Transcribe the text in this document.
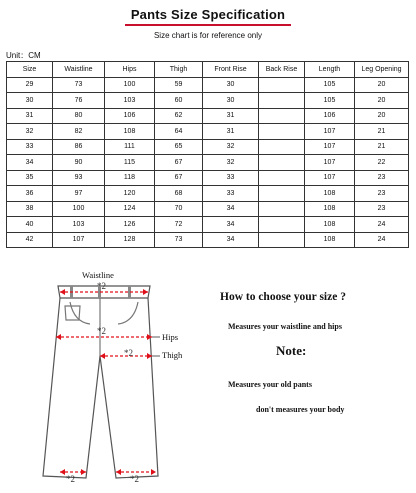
Pants Size Specification
Size chart is for reference only
Unit：CM
Size	Waistline	Hips	Thigh	Front Rise	Back Rise	Length	Leg Opening
29	73	100	59	30		105	20
30	76	103	60	30		105	20
31	80	106	62	31		106	20
32	82	108	64	31		107	21
33	86	111	65	32		107	21
34	90	115	67	32		107	22
35	93	118	67	33		107	23
36	97	120	68	33		108	23
38	100	124	70	34		108	23
40	103	126	72	34		108	24
42	107	128	73	34		108	24
Waistline
*2
*2
*2
Hips
Thigh
*2	*2
How to choose your size ?
Measures your waistline and hips
Note:
Measures your old pants
don't measures your body
